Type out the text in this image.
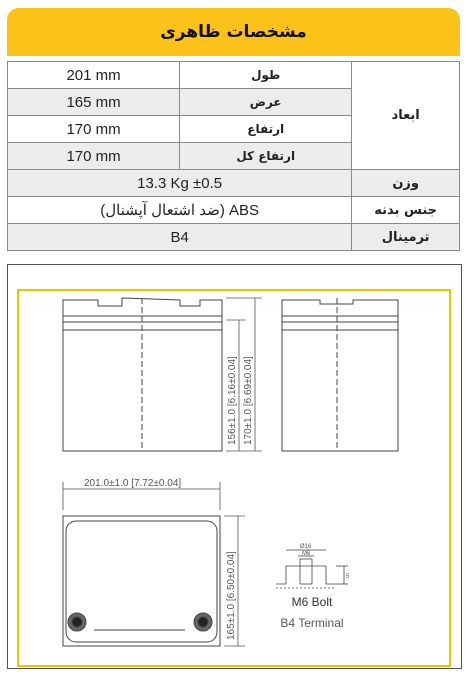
مشخصات ظاهری
201 mm	طول	ابعاد
165 mm	عرض	
170 mm	ارتفاع	
170 mm	ارتفاع کل	
13.3 Kg ±0.5		وزن
ABS (ضد اشتعال آپشنال)		جنس بدنه
B4		ترمینال
156±1.0 [6.16±0.04] 170±1.0 [6.69±0.04]
201.0±1.0 [7.72±0.04]
165±1.0 [6.50±0.04]
Ø16
M6
5
M6 Bolt
B4 Terminal
